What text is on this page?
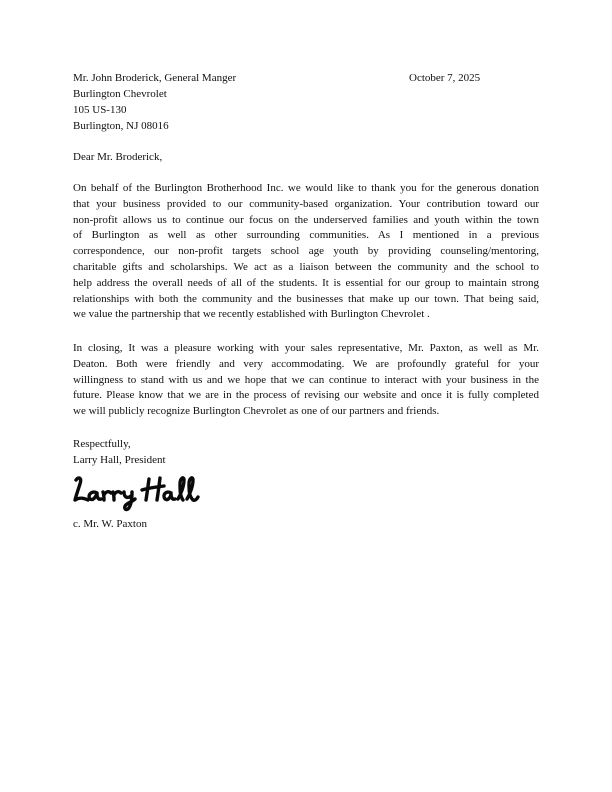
Mr. John Broderick, General Manger	October 7, 2025
Burlington Chevrolet
105 US-130
Burlington, NJ 08016
Dear Mr. Broderick,
On behalf of the Burlington Brotherhood Inc. we would like to thank you for the generous donation
that your business provided to our community-based organization. Your contribution toward our
non-profit allows us to continue our focus on the underserved families and youth within the town
of Burlington as well as other surrounding communities. As I mentioned in a previous
correspondence, our non-profit targets school age youth by providing counseling/mentoring,
charitable gifts and scholarships. We act as a liaison between the community and the school to
help address the overall needs of all of the students. It is essential for our group to maintain strong
relationships with both the community and the businesses that make up our town. That being said,
we value the partnership that we recently established with Burlington Chevrolet .
In closing, It was a pleasure working with your sales representative, Mr. Paxton, as well as Mr.
Deaton. Both were friendly and very accommodating. We are profoundly grateful for your
willingness to stand with us and we hope that we can continue to interact with your business in the
future. Please know that we are in the process of revising our website and once it is fully completed
we will publicly recognize Burlington Chevrolet as one of our partners and friends.
Respectfully,
Larry Hall, President
c. Mr. W. Paxton
